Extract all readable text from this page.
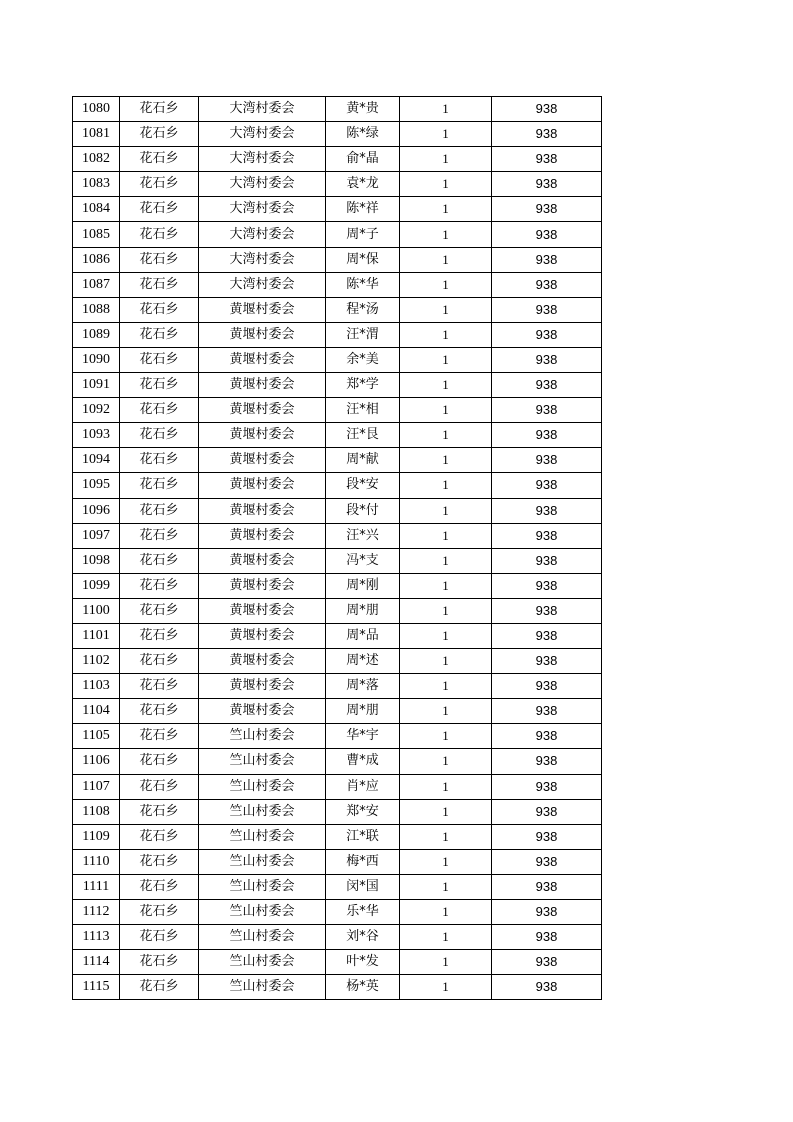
1080	花石乡	大湾村委会	黄*贵	1	938
1081	花石乡	大湾村委会	陈*绿	1	938
1082	花石乡	大湾村委会	俞*晶	1	938
1083	花石乡	大湾村委会	袁*龙	1	938
1084	花石乡	大湾村委会	陈*祥	1	938
1085	花石乡	大湾村委会	周*子	1	938
1086	花石乡	大湾村委会	周*保	1	938
1087	花石乡	大湾村委会	陈*华	1	938
1088	花石乡	黄堰村委会	程*汤	1	938
1089	花石乡	黄堰村委会	汪*渭	1	938
1090	花石乡	黄堰村委会	余*美	1	938
1091	花石乡	黄堰村委会	郑*学	1	938
1092	花石乡	黄堰村委会	汪*相	1	938
1093	花石乡	黄堰村委会	汪*艮	1	938
1094	花石乡	黄堰村委会	周*献	1	938
1095	花石乡	黄堰村委会	段*安	1	938
1096	花石乡	黄堰村委会	段*付	1	938
1097	花石乡	黄堰村委会	汪*兴	1	938
1098	花石乡	黄堰村委会	冯*支	1	938
1099	花石乡	黄堰村委会	周*刚	1	938
1100	花石乡	黄堰村委会	周*朋	1	938
1101	花石乡	黄堰村委会	周*品	1	938
1102	花石乡	黄堰村委会	周*述	1	938
1103	花石乡	黄堰村委会	周*落	1	938
1104	花石乡	黄堰村委会	周*朋	1	938
1105	花石乡	竺山村委会	华*宇	1	938
1106	花石乡	竺山村委会	曹*成	1	938
1107	花石乡	竺山村委会	肖*应	1	938
1108	花石乡	竺山村委会	郑*安	1	938
1109	花石乡	竺山村委会	江*联	1	938
1110	花石乡	竺山村委会	梅*西	1	938
1111	花石乡	竺山村委会	闵*国	1	938
1112	花石乡	竺山村委会	乐*华	1	938
1113	花石乡	竺山村委会	刘*谷	1	938
1114	花石乡	竺山村委会	叶*发	1	938
1115	花石乡	竺山村委会	杨*英	1	938
